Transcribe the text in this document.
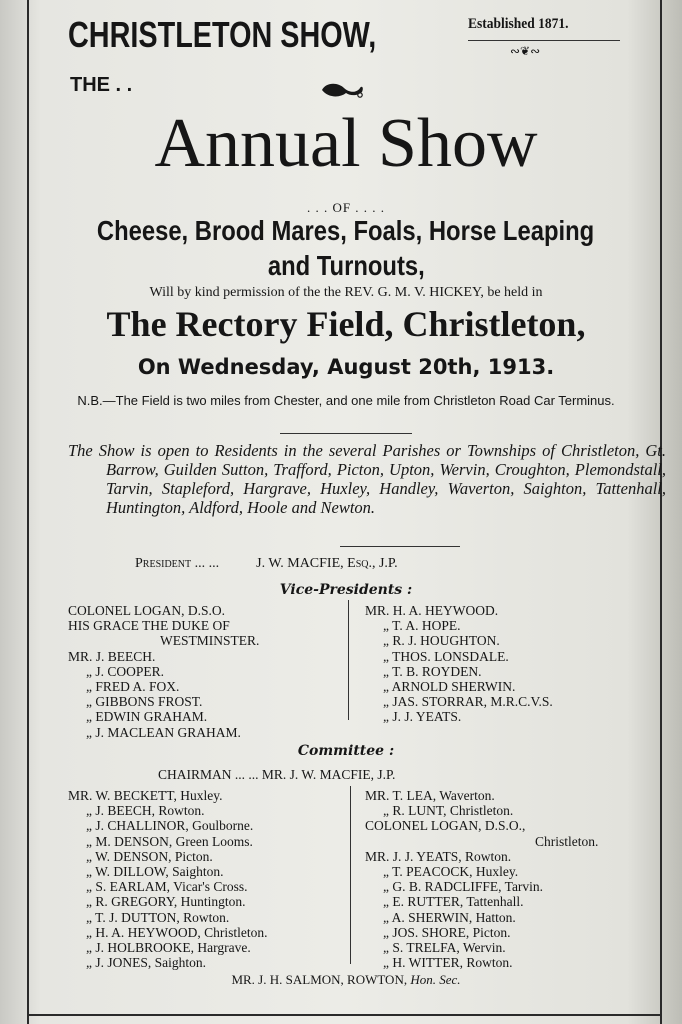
CHRISTLETON SHOW,	Established 1871.
∾❦∾
THE . .
Annual Show
. . . OF . . . .
Cheese, Brood Mares, Foals, Horse Leaping
and Turnouts,
Will by kind permission of the the REV. G. M. V. HICKEY, be held in
The Rectory Field, Christleton,
On Wednesday, August 20th, 1913.
N.B.—The Field is two miles from Chester, and one mile from Christleton Road Car Terminus.
The Show is open to Residents in the several Parishes or Townships of Christleton, Gt. Barrow, Guilden Sutton, Trafford, Picton, Upton, Wervin, Croughton, Plemondstall, Tarvin, Stapleford, Hargrave, Huxley, Handley, Waverton, Saighton, Tattenhall, Huntington, Aldford, Hoole and Newton.
President ... ...	J. W. MACFIE, Esq., J.P.
Vice-Presidents :
COLONEL LOGAN, D.S.O.
HIS GRACE THE DUKE OF
WESTMINSTER.
MR. J. BEECH.
„ J. COOPER.
„ FRED A. FOX.
„ GIBBONS FROST.
„ EDWIN GRAHAM.
„ J. MACLEAN GRAHAM.
MR. H. A. HEYWOOD.
„ T. A. HOPE.
„ R. J. HOUGHTON.
„ THOS. LONSDALE.
„ T. B. ROYDEN.
„ ARNOLD SHERWIN.
„ JAS. STORRAR, M.R.C.V.S.
„ J. J. YEATS.
Committee :
CHAIRMAN ... ... MR. J. W. MACFIE, J.P.
MR. W. BECKETT, Huxley.
„ J. BEECH, Rowton.
„ J. CHALLINOR, Goulborne.
„ M. DENSON, Green Looms.
„ W. DENSON, Picton.
„ W. DILLOW, Saighton.
„ S. EARLAM, Vicar's Cross.
„ R. GREGORY, Huntington.
„ T. J. DUTTON, Rowton.
„ H. A. HEYWOOD, Christleton.
„ J. HOLBROOKE, Hargrave.
„ J. JONES, Saighton.
MR. T. LEA, Waverton.
„ R. LUNT, Christleton.
COLONEL LOGAN, D.S.O.,
Christleton.
MR. J. J. YEATS, Rowton.
„ T. PEACOCK, Huxley.
„ G. B. RADCLIFFE, Tarvin.
„ E. RUTTER, Tattenhall.
„ A. SHERWIN, Hatton.
„ JOS. SHORE, Picton.
„ S. TRELFA, Wervin.
„ H. WITTER, Rowton.
MR. J. H. SALMON, ROWTON, Hon. Sec.
